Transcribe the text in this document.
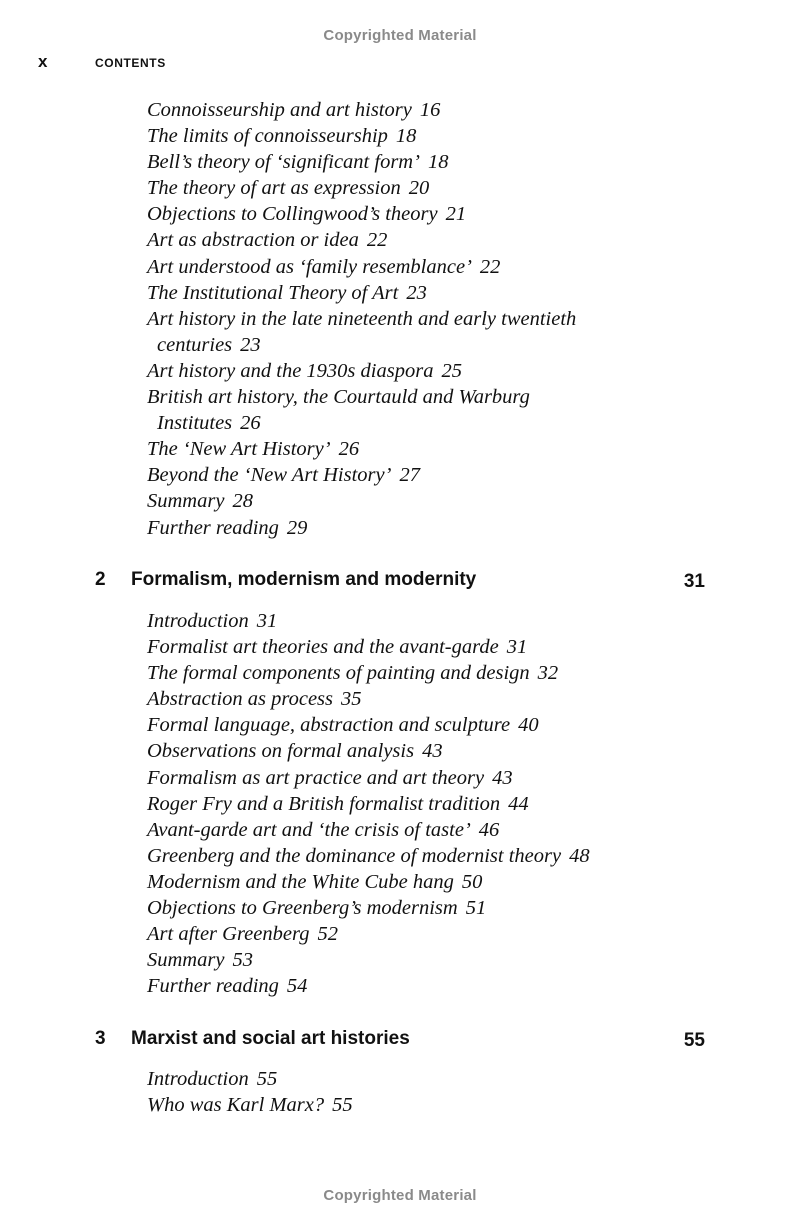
Copyrighted Material
x	CONTENTS
Connoisseurship and art history 16
The limits of connoisseurship 18
Bell’s theory of ‘significant form’ 18
The theory of art as expression 20
Objections to Collingwood’s theory 21
Art as abstraction or idea 22
Art understood as ‘family resemblance’ 22
The Institutional Theory of Art 23
Art history in the late nineteenth and early twentieth
centuries 23
Art history and the 1930s diaspora 25
British art history, the Courtauld and Warburg
Institutes 26
The ‘New Art History’ 26
Beyond the ‘New Art History’ 27
Summary 28
Further reading 29
2 Formalism, modernism and modernity	31
Introduction 31
Formalist art theories and the avant-garde 31
The formal components of painting and design 32
Abstraction as process 35
Formal language, abstraction and sculpture 40
Observations on formal analysis 43
Formalism as art practice and art theory 43
Roger Fry and a British formalist tradition 44
Avant-garde art and ‘the crisis of taste’ 46
Greenberg and the dominance of modernist theory 48
Modernism and the White Cube hang 50
Objections to Greenberg’s modernism 51
Art after Greenberg 52
Summary 53
Further reading 54
3 Marxist and social art histories	55
Introduction 55
Who was Karl Marx? 55
Copyrighted Material
